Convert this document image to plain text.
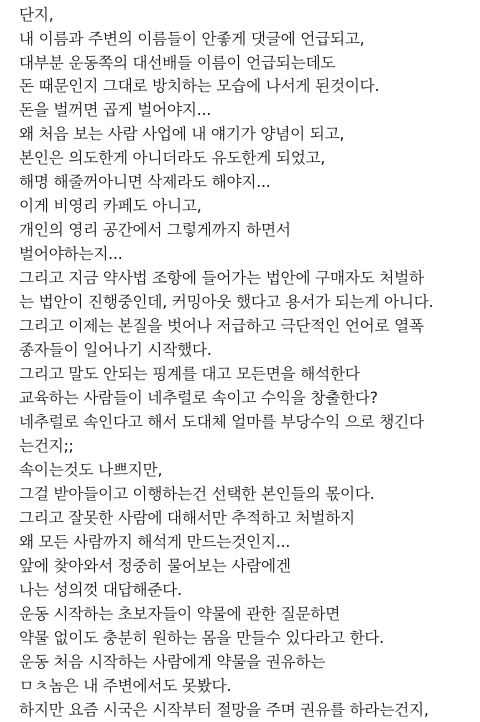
단지,
내 이름과 주변의 이름들이 안좋게 댓글에 언급되고,
대부분 운동쪽의 대선배들 이름이 언급되는데도
돈 때문인지 그대로 방치하는 모습에 나서게 된것이다.
돈을 벌꺼면 곱게 벌어야지...
왜 처음 보는 사람 사업에 내 얘기가 양념이 되고,
본인은 의도한게 아니더라도 유도한게 되었고,
해명 해줄꺼아니면 삭제라도 해야지...
이게 비영리 카페도 아니고,
개인의 영리 공간에서 그렇게까지 하면서
벌어야하는지...
그리고 지금 약사법 조항에 들어가는 법안에 구매자도 처벌하
는 법안이 진행중인데, 커밍아웃 했다고 용서가 되는게 아니다.
그리고 이제는 본질을 벗어나 저급하고 극단적인 언어로 열폭
종자들이 일어나기 시작했다.
그리고 말도 안되는 핑계를 대고 모든면을 해석한다
교육하는 사람들이 네추럴로 속이고 수익을 창출한다?
네추럴로 속인다고 해서 도대체 얼마를 부당수익 으로 챙긴다
는건지;;
속이는것도 나쁘지만,
그걸 받아들이고 이행하는건 선택한 본인들의 몫이다.
그리고 잘못한 사람에 대해서만 추적하고 처벌하지
왜 모든 사람까지 해석게 만드는것인지...
앞에 찾아와서 정중히 물어보는 사람에겐
나는 성의껏 대답해준다.
운동 시작하는 초보자들이 약물에 관한 질문하면
약물 없이도 충분히 원하는 몸을 만들수 있다라고 한다.
운동 처음 시작하는 사람에게 약물을 권유하는
ㅁㅊ놈은 내 주변에서도 못봤다.
하지만 요즘 시국은 시작부터 절망을 주며 권유를 하라는건지,
